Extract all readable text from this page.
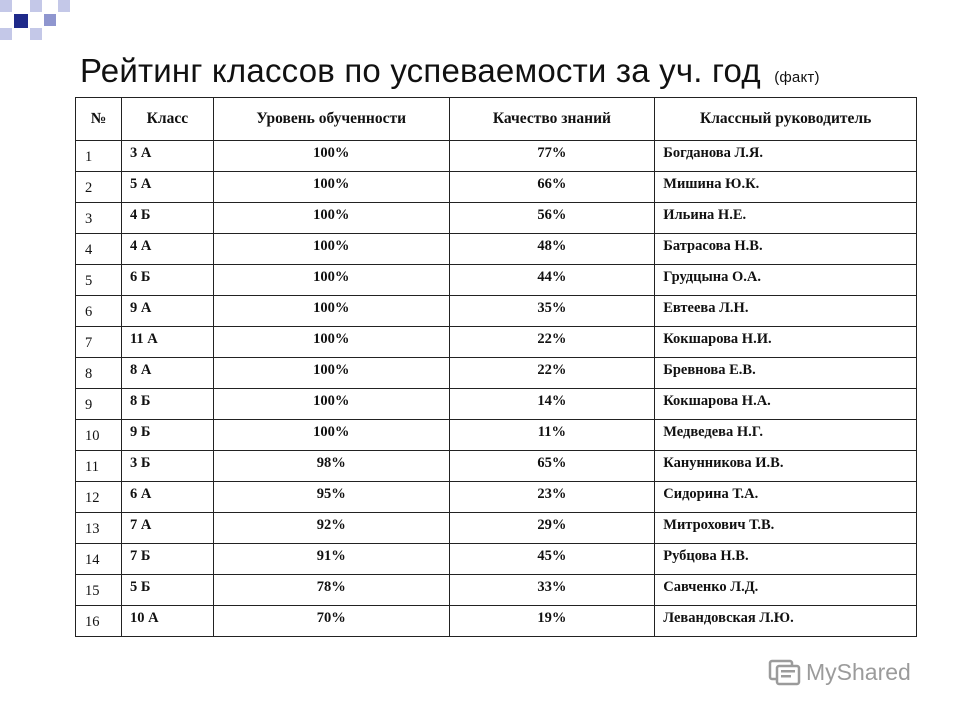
Рейтинг классов по успеваемости за уч. год (факт)
№	Класс	Уровень обученности	Качество знаний	Классный руководитель
1	3 А	100%	77%	Богданова Л.Я.
2	5 А	100%	66%	Мишина Ю.К.
3	4 Б	100%	56%	Ильина Н.Е.
4	4 А	100%	48%	Батрасова Н.В.
5	6 Б	100%	44%	Грудцына О.А.
6	9 А	100%	35%	Евтеева Л.Н.
7	11 А	100%	22%	Кокшарова Н.И.
8	8 А	100%	22%	Бревнова Е.В.
9	8 Б	100%	14%	Кокшарова Н.А.
10	9 Б	100%	11%	Медведева Н.Г.
11	3 Б	98%	65%	Канунникова И.В.
12	6 А	95%	23%	Сидорина Т.А.
13	7 А	92%	29%	Митрохович Т.В.
14	7 Б	91%	45%	Рубцова Н.В.
15	5 Б	78%	33%	Савченко Л.Д.
16	10 А	70%	19%	Левандовская Л.Ю.
MyShared
